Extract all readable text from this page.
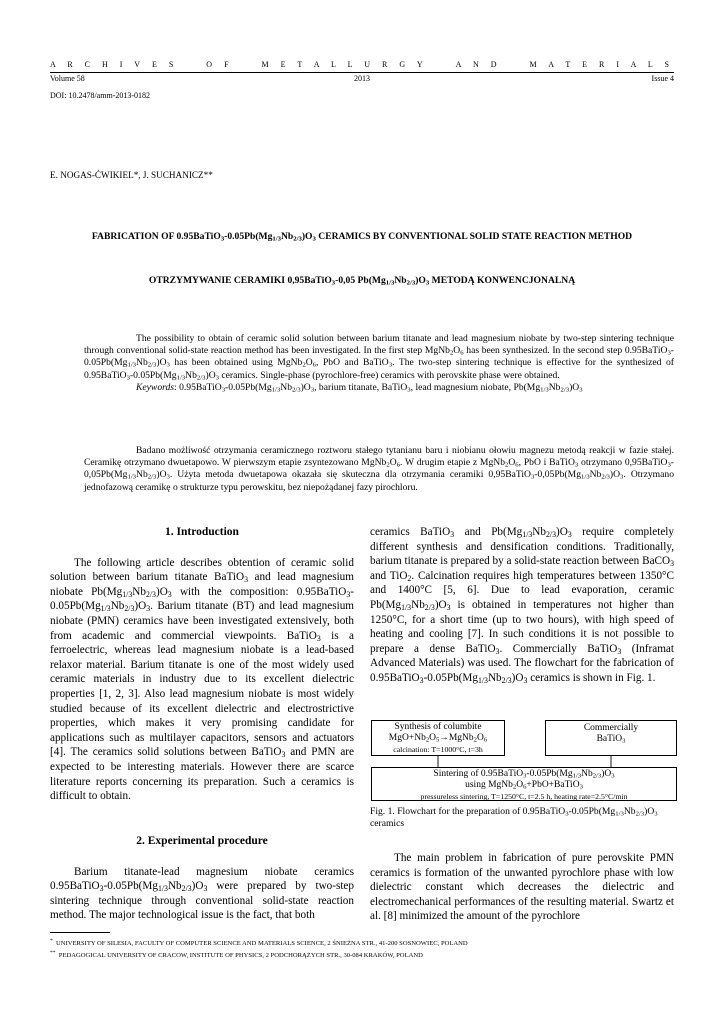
A R C H I V E S	O F	M E T A L L U R G Y	A N D	M A T E R I A L S
Volume 58	2013	Issue 4
DOI: 10.2478/amm-2013-0182
E. NOGAS-ĆWIKIEL*, J. SUCHANICZ**
FABRICATION OF $0.95BaTiO_3-0.05Pb(Mg_{1/3}Nb_{2/3})O_3$ CERAMICS BY CONVENTIONAL SOLID STATE REACTION METHOD
OTRZYMYWANIE CERAMIKI 0,95BaTiO$_3$-0,05 $Pb(Mg_{1/3}Nb_{2/3})O_3$ METODĄ KONWENCJONALNĄ

The possibility to obtain of ceramic solid solution between barium titanate and lead magnesium niobate by two-step sintering technique through conventional solid-state reaction method has been investigated. In the first step $MgNb_2O_6$ has been synthesized. In the second step $0.95BaTiO_3-0.05Pb(Mg_{1/3}Nb_{2/3})O_3$ has been obtained using $MgNb_2O_6$, PbO and BaTiO$_3$. The two-step sintering technique is effective for the synthesized of $0.95BaTiO_3-0.05Pb(Mg_{1/3}Nb_{2/3})O_3$ ceramics. Single-phase (pyrochlore-free) ceramics with perovskite phase were obtained.

Keywords: $0.95BaTiO_3-0.05Pb(Mg_{1/3}Nb_{2/3})O_3$, barium titanate, BaTiO$_3$, lead magnesium niobate, $Pb(Mg_{1/3}Nb_{2/3})O_3$

Badano możliwość otrzymania ceramicznego roztworu stałego tytanianu baru i niobianu ołowiu magnezu metodą reakcji w fazie stałej. Ceramikę otrzymano dwuetapowo. W pierwszym etapie zsyntezowano $MgNb_2O_6$. W drugim etapie z $MgNb_2O_6$, PbO i BaTiO$_3$ otrzymano $0,95BaTiO_3-0,05Pb(Mg_{1/3}Nb_{2/3})O_3$. Użyta metoda dwuetapowa okazała się skuteczna dla otrzymania ceramiki $0,95BaTiO_3-0,05Pb(Mg_{1/3}Nb_{2/3})O_3$. Otrzymano jednofazową ceramikę o strukturze typu perowskitu, bez niepożądanej fazy pirochloru.

1. Introduction

The following article describes obtention of ceramic solid solution between barium titanate BaTiO$_3$ and lead magnesium niobate $Pb(Mg_{1/3}Nb_{2/3})O_3$ with the composition: $0.95BaTiO_3-0.05Pb(Mg_{1/3}Nb_{2/3})O_3$. Barium titanate (BT) and lead magnesium niobate (PMN) ceramics have been investigated extensively, both from academic and commercial viewpoints. BaTiO$_3$ is a ferroelectric, whereas lead magnesium niobate is a lead-based relaxor material. Barium titanate is one of the most widely used ceramic materials in industry due to its excellent dielectric properties [1, 2, 3]. Also lead magnesium niobate is most widely studied because of its excellent dielectric and electrostrictive properties, which makes it very promising candidate for applications such as multilayer capacitors, sensors and actuators [4]. The ceramics solid solutions between BaTiO$_3$ and PMN are expected to be interesting materials. However there are scarce literature reports concerning its preparation. Such a ceramics is difficult to obtain.

2. Experimental procedure

Barium titanate-lead magnesium niobate ceramics $0.95BaTiO_3-0.05Pb(Mg_{1/3}Nb_{2/3})O_3$ were prepared by two-step sintering technique through conventional solid-state reaction method. The major technological issue is the fact, that both

ceramics BaTiO$_3$ and $Pb(Mg_{1/3}Nb_{2/3})O_3$ require completely different synthesis and densification conditions. Traditionally, barium titanate is prepared by a solid-state reaction between BaCO$_3$ and TiO$_2$. Calcination requires high temperatures between 1350°C and 1400°C [5, 6]. Due to lead evaporation, ceramic $Pb(Mg_{1/3}Nb_{2/3})O_3$ is obtained in temperatures not higher than 1250°C, for a short time (up to two hours), with high speed of heating and cooling [7]. In such conditions it is not possible to prepare a dense BaTiO$_3$. Commercially BaTiO$_3$ (Inframat Advanced Materials) was used. The flowchart for the fabrication of $0.95BaTiO_3-0.05Pb(Mg_{1/3}Nb_{2/3})O_3$ ceramics is shown in Fig. 1.

Synthesis of columbite
$MgO+Nb_2O_5\to MgNb_2O_6$
calcination: T=1000°C, t=3h
Commercially
BaTiO$_3$
Sintering of $0.95BaTiO_3-0.05Pb(Mg_{1/3}Nb_{2/3})O_3$
using $MgNb_2O_6+PbO+BaTiO_3$
pressureless sintering, T=1250°C, t=2.5 h, heating rate=2.5°C/min
Fig. 1. Flowchart for the preparation of $0.95BaTiO_3-0.05Pb(Mg_{1/3}Nb_{2/3})O_3$ ceramics

The main problem in fabrication of pure perovskite PMN ceramics is formation of the unwanted pyrochlore phase with low dielectric constant which decreases the dielectric and electromechanical performances of the resulting material. Swartz et al. [8] minimized the amount of the pyrochlore

* UNIVERSITY OF SILESIA, FACULTY OF COMPUTER SCIENCE AND MATERIALS SCIENCE, 2 ŚNIEŻNA STR., 41-200 SOSNOWIEC, POLAND
** PEDAGOGICAL UNIVERSITY OF CRACOW, INSTITUTE OF PHYSICS, 2 PODCHORĄŻYCH STR., 30-084 KRAKÓW, POLAND
